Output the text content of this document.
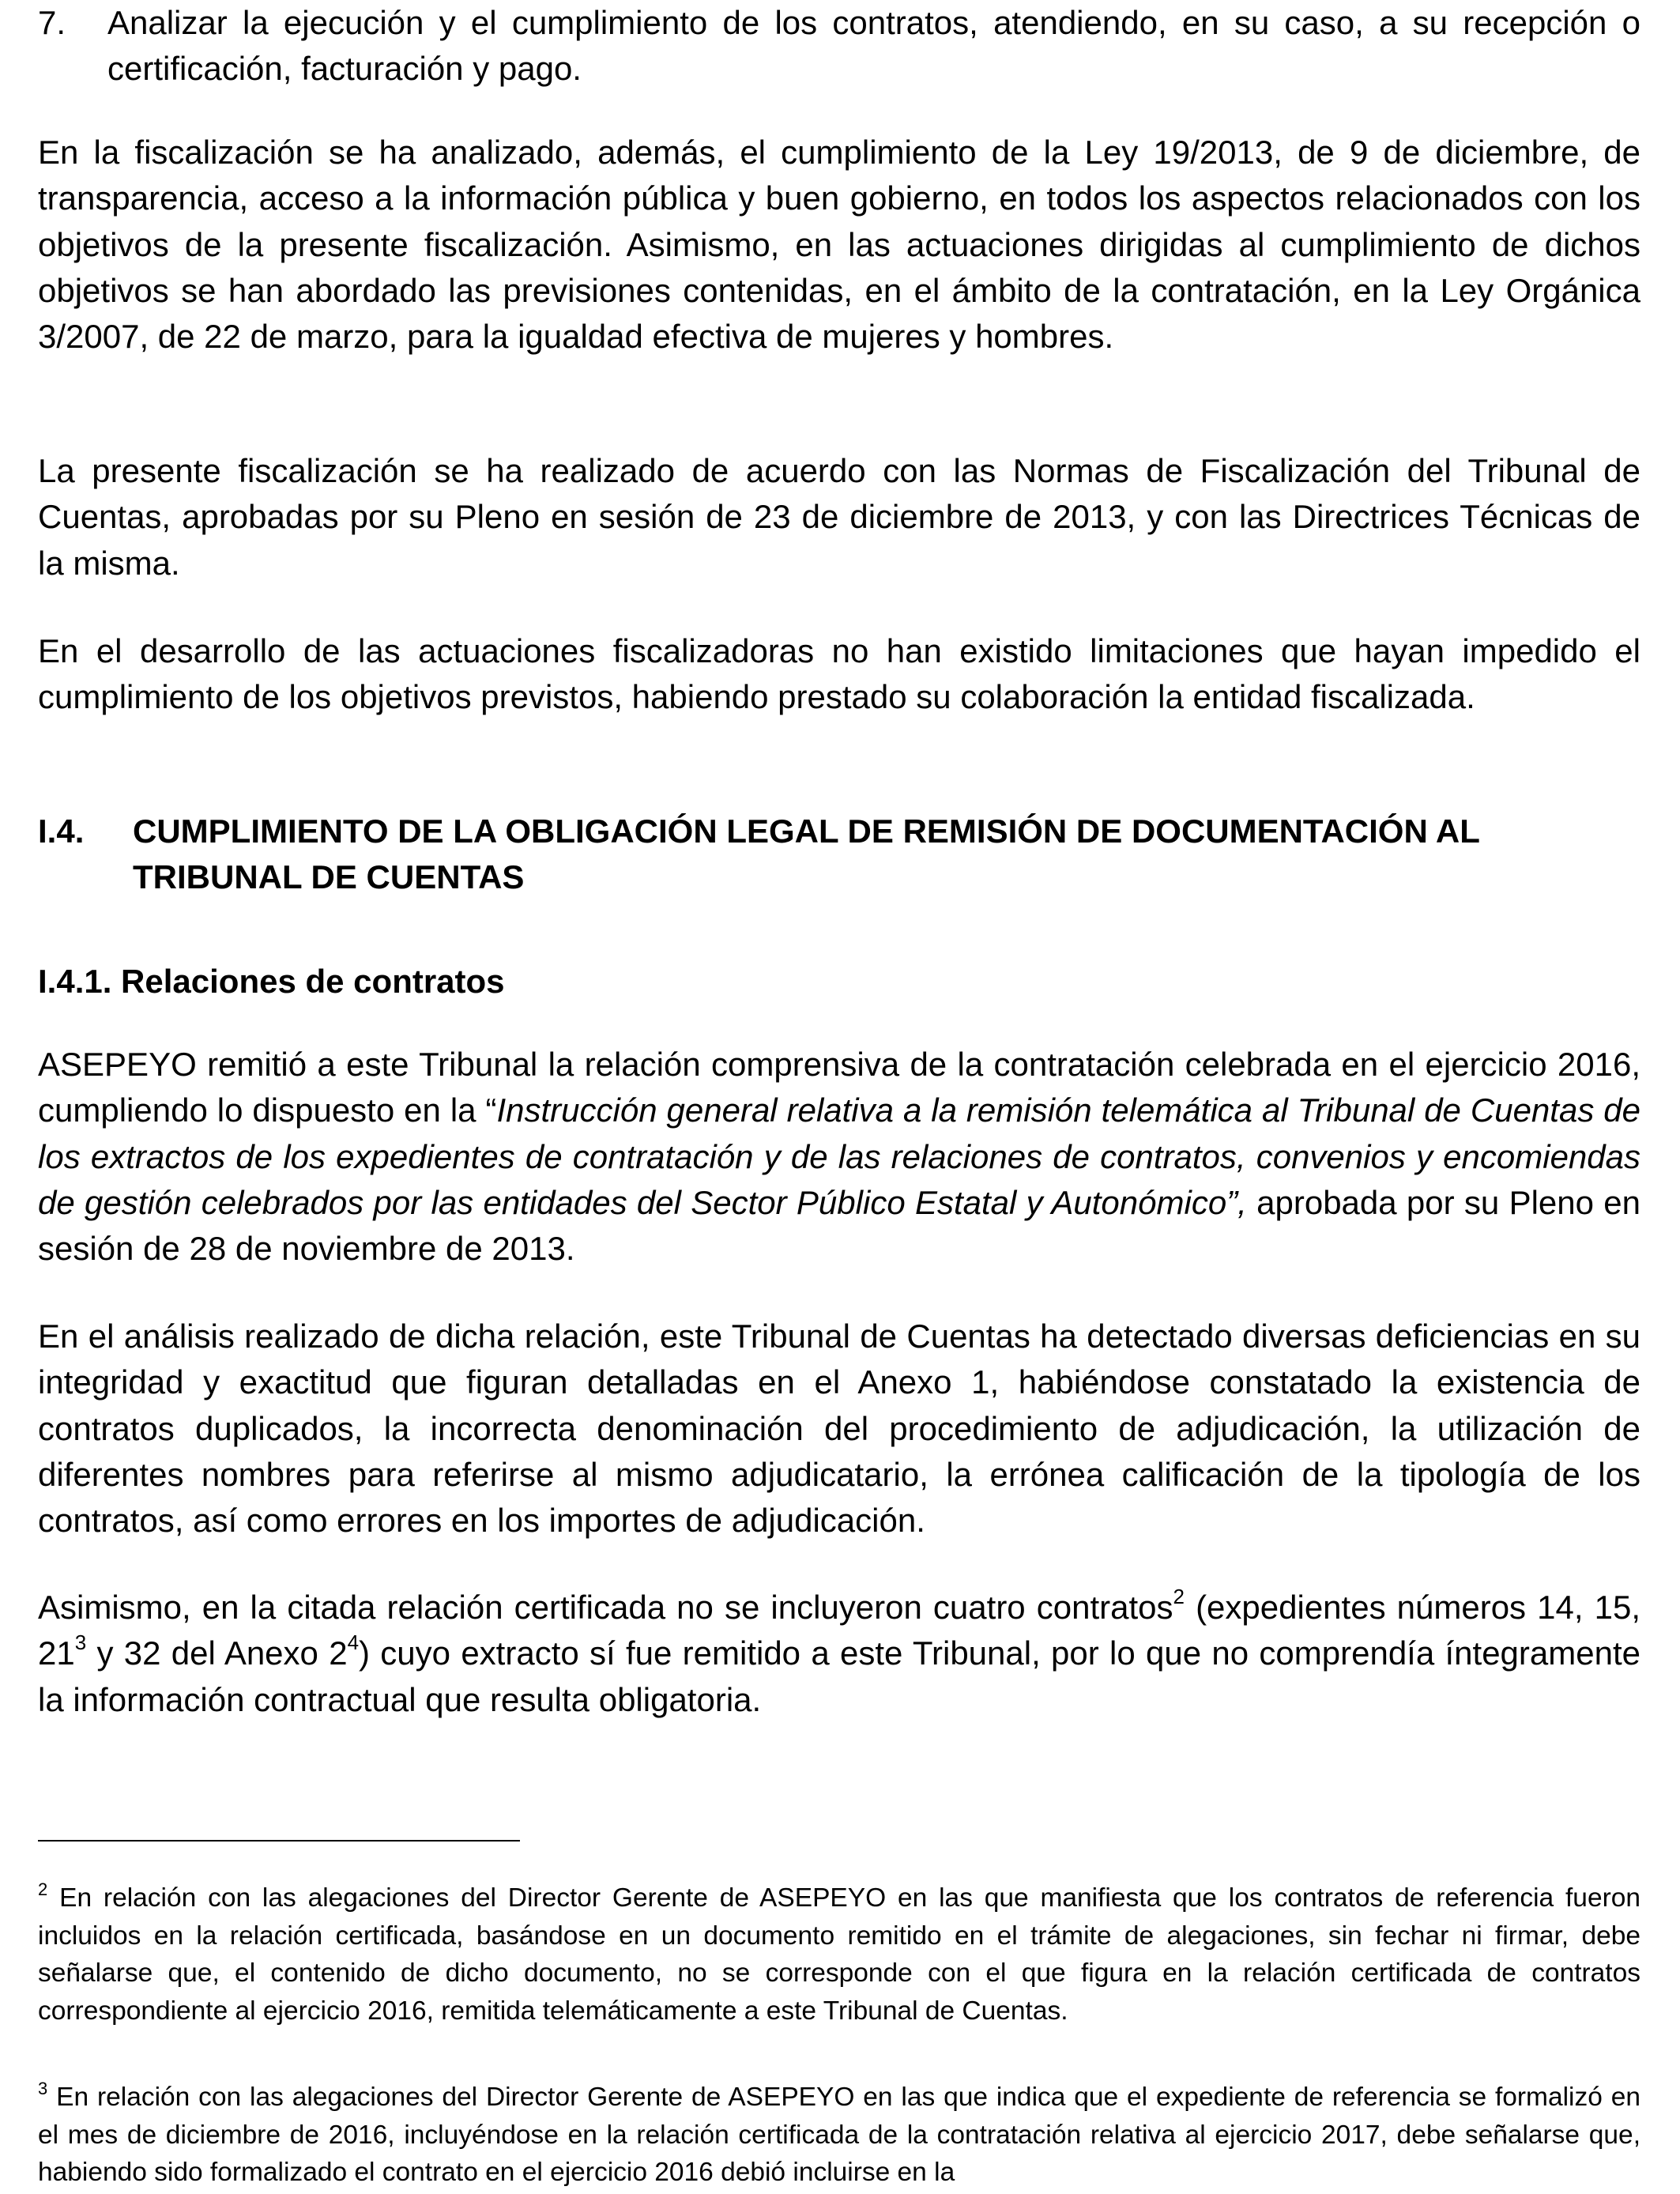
7.	Analizar la ejecución y el cumplimiento de los contratos, atendiendo, en su caso, a su recepción o certificación, facturación y pago.

En la fiscalización se ha analizado, además, el cumplimiento de la Ley 19/2013, de 9 de diciembre, de transparencia, acceso a la información pública y buen gobierno, en todos los aspectos relacionados con los objetivos de la presente fiscalización. Asimismo, en las actuaciones dirigidas al cumplimiento de dichos objetivos se han abordado las previsiones contenidas, en el ámbito de la contratación, en la Ley Orgánica 3/2007, de 22 de marzo, para la igualdad efectiva de mujeres y hombres.

La presente fiscalización se ha realizado de acuerdo con las Normas de Fiscalización del Tribunal de Cuentas, aprobadas por su Pleno en sesión de 23 de diciembre de 2013, y con las Directrices Técnicas de la misma.

En el desarrollo de las actuaciones fiscalizadoras no han existido limitaciones que hayan impedido el cumplimiento de los objetivos previstos, habiendo prestado su colaboración la entidad fiscalizada.

I.4.	CUMPLIMIENTO DE LA OBLIGACIÓN LEGAL DE REMISIÓN DE DOCUMENTACIÓN AL TRIBUNAL DE CUENTAS

I.4.1. Relaciones de contratos

ASEPEYO remitió a este Tribunal la relación comprensiva de la contratación celebrada en el ejercicio 2016, cumpliendo lo dispuesto en la “Instrucción general relativa a la remisión telemática al Tribunal de Cuentas de los extractos de los expedientes de contratación y de las relaciones de contratos, convenios y encomiendas de gestión celebrados por las entidades del Sector Público Estatal y Autonómico”, aprobada por su Pleno en sesión de 28 de noviembre de 2013.

En el análisis realizado de dicha relación, este Tribunal de Cuentas ha detectado diversas deficiencias en su integridad y exactitud que figuran detalladas en el Anexo 1, habiéndose constatado la existencia de contratos duplicados, la incorrecta denominación del procedimiento de adjudicación, la utilización de diferentes nombres para referirse al mismo adjudicatario, la errónea calificación de la tipología de los contratos, así como errores en los importes de adjudicación.

Asimismo, en la citada relación certificada no se incluyeron cuatro contratos$^2$ (expedientes números 14, 15, $21^3$ y 32 del Anexo $2^4$) cuyo extracto sí fue remitido a este Tribunal, por lo que no comprendía íntegramente la información contractual que resulta obligatoria.

$^2$ En relación con las alegaciones del Director Gerente de ASEPEYO en las que manifiesta que los contratos de referencia fueron incluidos en la relación certificada, basándose en un documento remitido en el trámite de alegaciones, sin fechar ni firmar, debe señalarse que, el contenido de dicho documento, no se corresponde con el que figura en la relación certificada de contratos correspondiente al ejercicio 2016, remitida telemáticamente a este Tribunal de Cuentas.

$^3$ En relación con las alegaciones del Director Gerente de ASEPEYO en las que indica que el expediente de referencia se formalizó en el mes de diciembre de 2016, incluyéndose en la relación certificada de la contratación relativa al ejercicio 2017, debe señalarse que, habiendo sido formalizado el contrato en el ejercicio 2016 debió incluirse en la
